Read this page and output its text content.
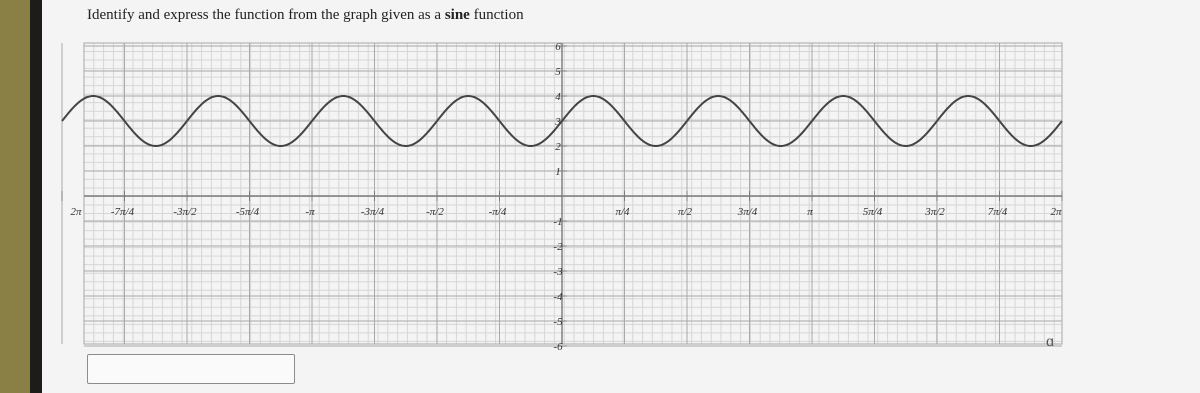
Identify and express the function from the graph given as a sine function
2π	-7π/4	-3π/2	-5π/4	-π	-3π/4	-π/2	-π/4	π/4	π/2	3π/4	π	5π/4	3π/2	7π/4	2π
6
5
4
3
2
1
-1
-2
-3
-4
-5
-6	ɑ
